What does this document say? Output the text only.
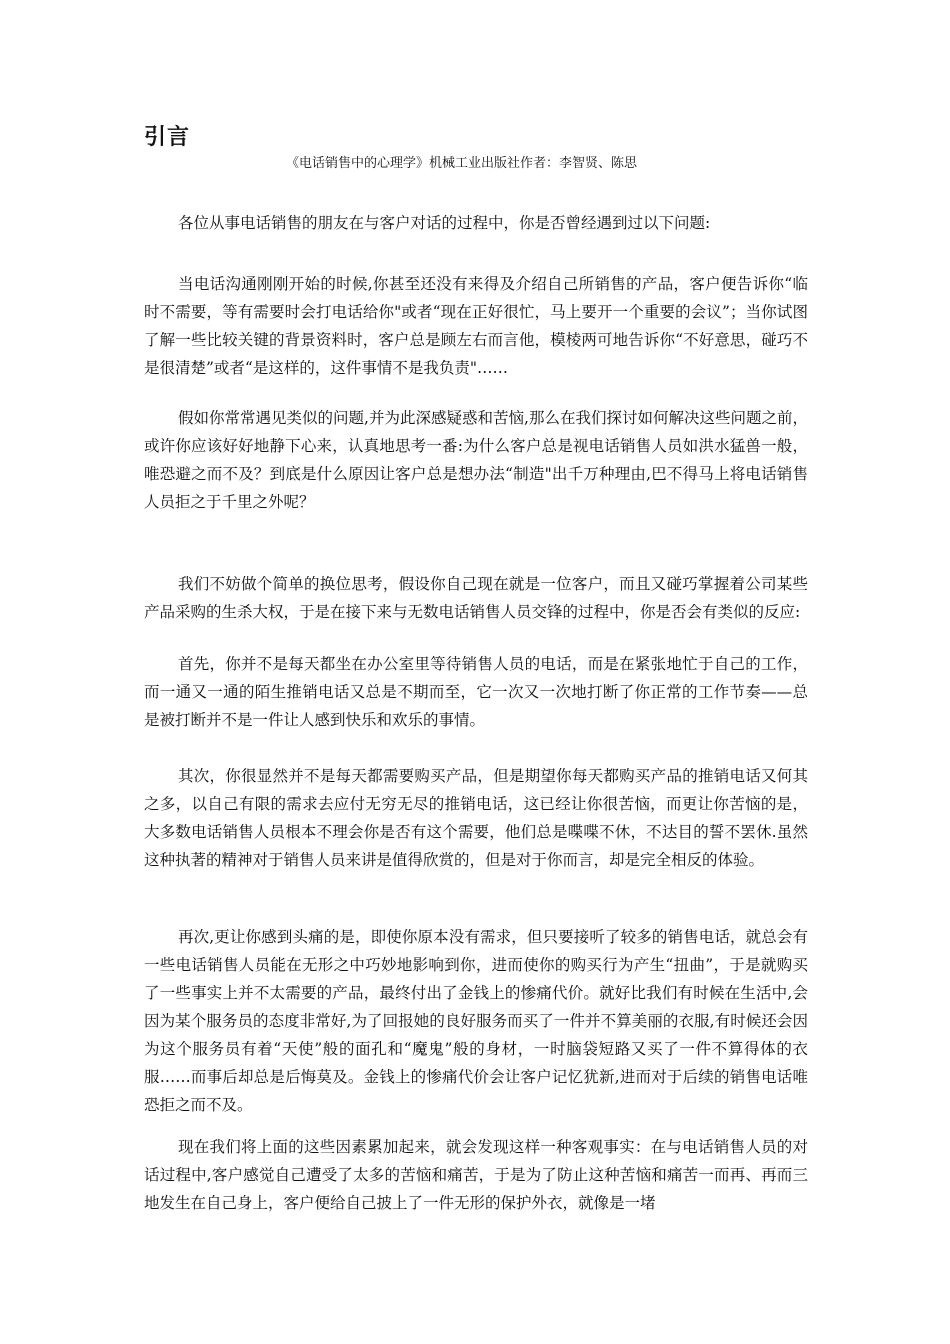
引言

《电话销售中的心理学》机械工业出版社作者：李智贤、陈思

各位从事电话销售的朋友在与客户对话的过程中，你是否曾经遇到过以下问题:

当电话沟通刚刚开始的时候,你甚至还没有来得及介绍自己所销售的产品，客户便告诉你“临时不需要，等有需要时会打电话给你"或者“现在正好很忙，马上要开一个重要的会议”；当你试图了解一些比较关键的背景资料时，客户总是顾左右而言他，模棱两可地告诉你“不好意思，碰巧不是很清楚”或者“是这样的，这件事情不是我负责"……

假如你常常遇见类似的问题,并为此深感疑惑和苦恼,那么在我们探讨如何解决这些问题之前，或许你应该好好地静下心来，认真地思考一番:为什么客户总是视电话销售人员如洪水猛兽一般，唯恐避之而不及？到底是什么原因让客户总是想办法“制造"出千万种理由,巴不得马上将电话销售人员拒之于千里之外呢？

我们不妨做个简单的换位思考，假设你自己现在就是一位客户，而且又碰巧掌握着公司某些产品采购的生杀大权，于是在接下来与无数电话销售人员交锋的过程中，你是否会有类似的反应:

首先，你并不是每天都坐在办公室里等待销售人员的电话，而是在紧张地忙于自己的工作，而一通又一通的陌生推销电话又总是不期而至，它一次又一次地打断了你正常的工作节奏——总是被打断并不是一件让人感到快乐和欢乐的事情。

其次，你很显然并不是每天都需要购买产品，但是期望你每天都购买产品的推销电话又何其之多，以自己有限的需求去应付无穷无尽的推销电话，这已经让你很苦恼，而更让你苦恼的是，大多数电话销售人员根本不理会你是否有这个需要，他们总是喋喋不休，不达目的誓不罢休.虽然这种执著的精神对于销售人员来讲是值得欣赏的，但是对于你而言，却是完全相反的体验。

再次,更让你感到头痛的是，即使你原本没有需求，但只要接听了较多的销售电话，就总会有一些电话销售人员能在无形之中巧妙地影响到你，进而使你的购买行为产生“扭曲”，于是就购买了一些事实上并不太需要的产品，最终付出了金钱上的惨痛代价。就好比我们有时候在生活中,会因为某个服务员的态度非常好,为了回报她的良好服务而买了一件并不算美丽的衣服,有时候还会因为这个服务员有着“天使”般的面孔和“魔鬼”般的身材，一时脑袋短路又买了一件不算得体的衣服……而事后却总是后悔莫及。金钱上的惨痛代价会让客户记忆犹新,进而对于后续的销售电话唯恐拒之而不及。

现在我们将上面的这些因素累加起来，就会发现这样一种客观事实：在与电话销售人员的对话过程中,客户感觉自己遭受了太多的苦恼和痛苦，于是为了防止这种苦恼和痛苦一而再、再而三地发生在自己身上，客户便给自己披上了一件无形的保护外衣，就像是一堵
